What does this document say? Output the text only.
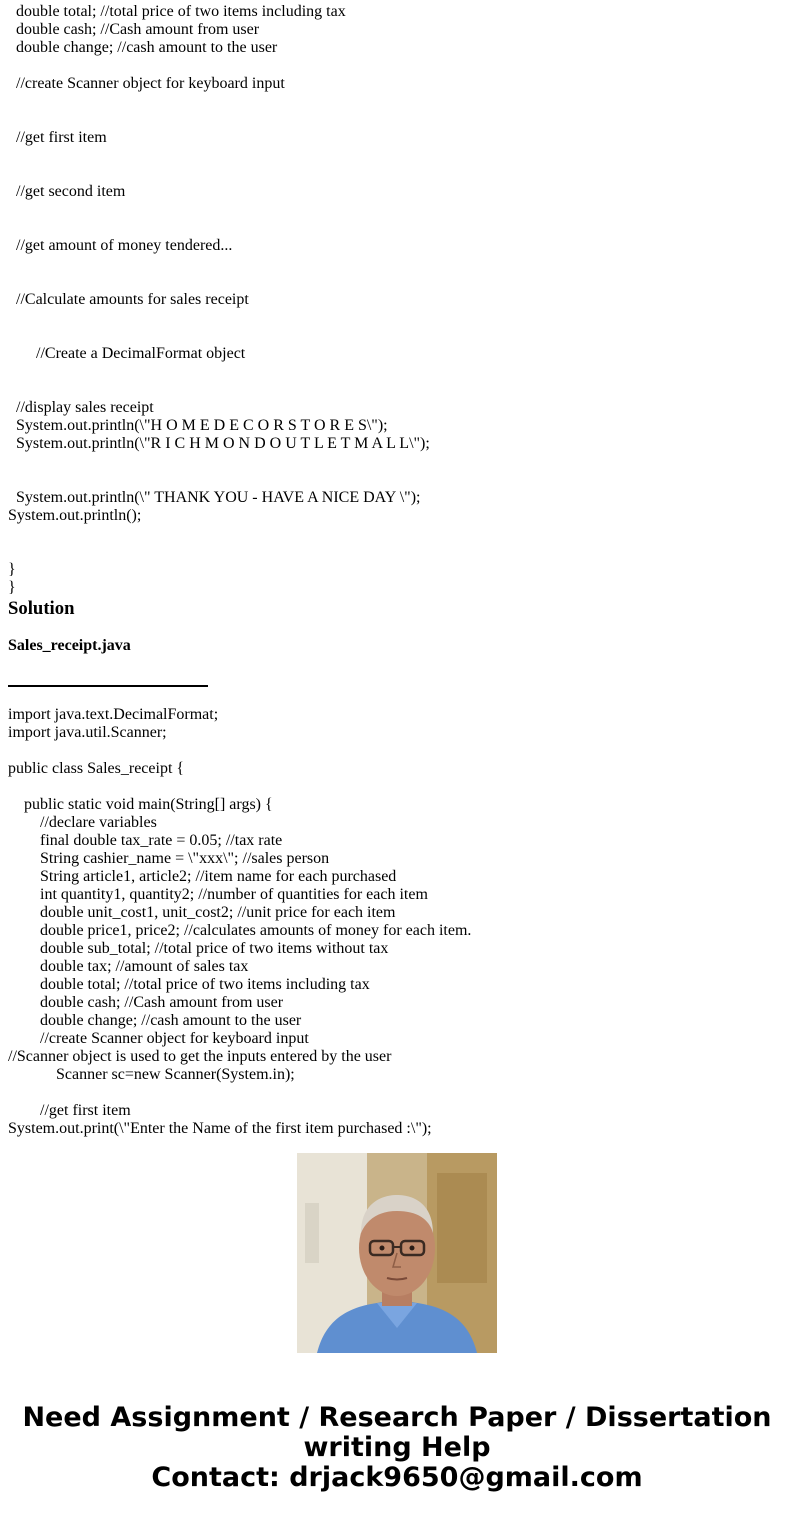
double total; //total price of two items including tax
double cash; //Cash amount from user
double change; //cash amount to the user
//create Scanner object for keyboard input
//get first item
//get second item
//get amount of money tendered...
//Calculate amounts for sales receipt
//Create a DecimalFormat object
//display sales receipt
System.out.println(\"H O M E D E C O R S T O R E S\");
System.out.println(\"R I C H M O N D O U T L E T M A L L\");
System.out.println(\" THANK YOU - HAVE A NICE DAY \");
System.out.println();
}
}
Solution
Sales_receipt.java
import java.text.DecimalFormat;
import java.util.Scanner;
public class Sales_receipt {
public static void main(String[] args) {
//declare variables
final double tax_rate = 0.05; //tax rate
String cashier_name = \"xxx\"; //sales person
String article1, article2; //item name for each purchased
int quantity1, quantity2; //number of quantities for each item
double unit_cost1, unit_cost2; //unit price for each item
double price1, price2; //calculates amounts of money for each item.
double sub_total; //total price of two items without tax
double tax; //amount of sales tax
double total; //total price of two items including tax
double cash; //Cash amount from user
double change; //cash amount to the user
//create Scanner object for keyboard input
//Scanner object is used to get the inputs entered by the user
Scanner sc=new Scanner(System.in);
//get first item
System.out.print(\"Enter the Name of the first item purchased :\");
Need Assignment / Research Paper / Dissertation
writing Help
Contact: drjack9650@gmail.com
